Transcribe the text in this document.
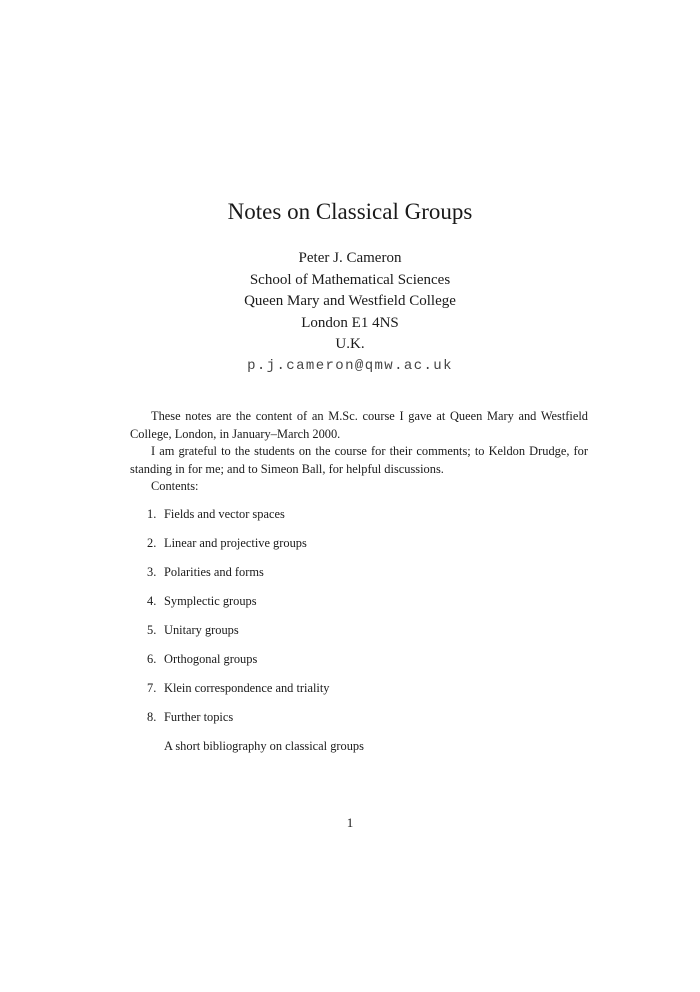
Notes on Classical Groups
Peter J. Cameron
School of Mathematical Sciences
Queen Mary and Westfield College
London E1 4NS
U.K.
p.j.cameron@qmw.ac.uk

These notes are the content of an M.Sc. course I gave at Queen Mary and Westfield College, London, in January–March 2000.

I am grateful to the students on the course for their comments; to Keldon Drudge, for standing in for me; and to Simeon Ball, for helpful discussions.

Contents:
1. Fields and vector spaces
2. Linear and projective groups
3. Polarities and forms
4. Symplectic groups
5. Unitary groups
6. Orthogonal groups
7. Klein correspondence and triality
8. Further topics
A short bibliography on classical groups
1
